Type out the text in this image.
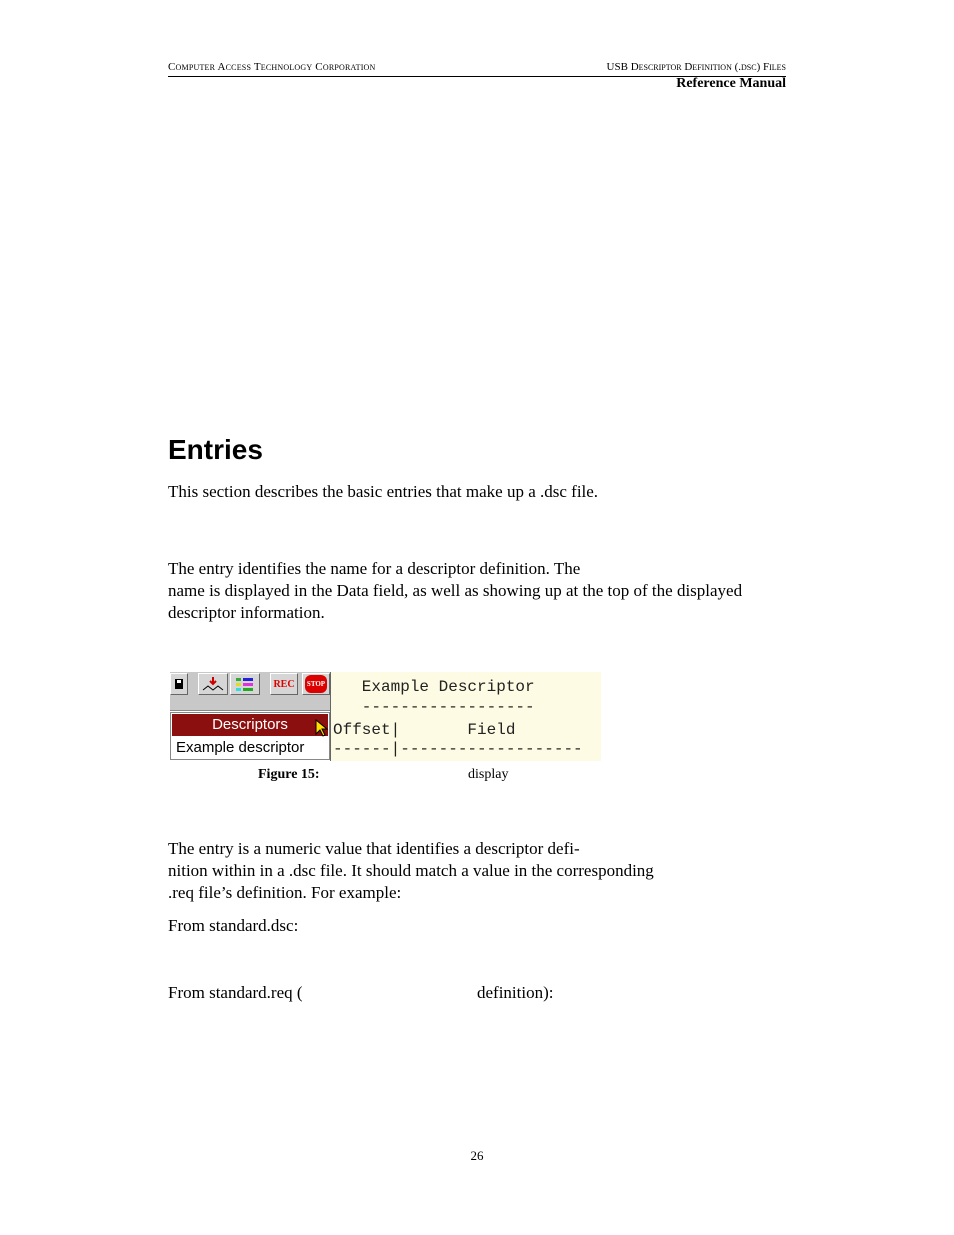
Computer Access Technology Corporation	USB Descriptor Definition (.dsc) Files
Reference Manual
Entries
This section describes the basic entries that make up a .dsc file.
The entry identifies the name for a descriptor definition. The
name is displayed in the Data field, as well as showing up at the top of the displayed
descriptor information.
REC	STOP
Descriptors
Example descriptor
Example Descriptor
------------------
Offset|       Field
------|-------------------
Figure 15:	display
The entry is a numeric value that identifies a descriptor defi-
nition within in a .dsc file. It should match a value in the corresponding
.req file’s definition. For example:
From standard.dsc:
From standard.req (	definition):
26
